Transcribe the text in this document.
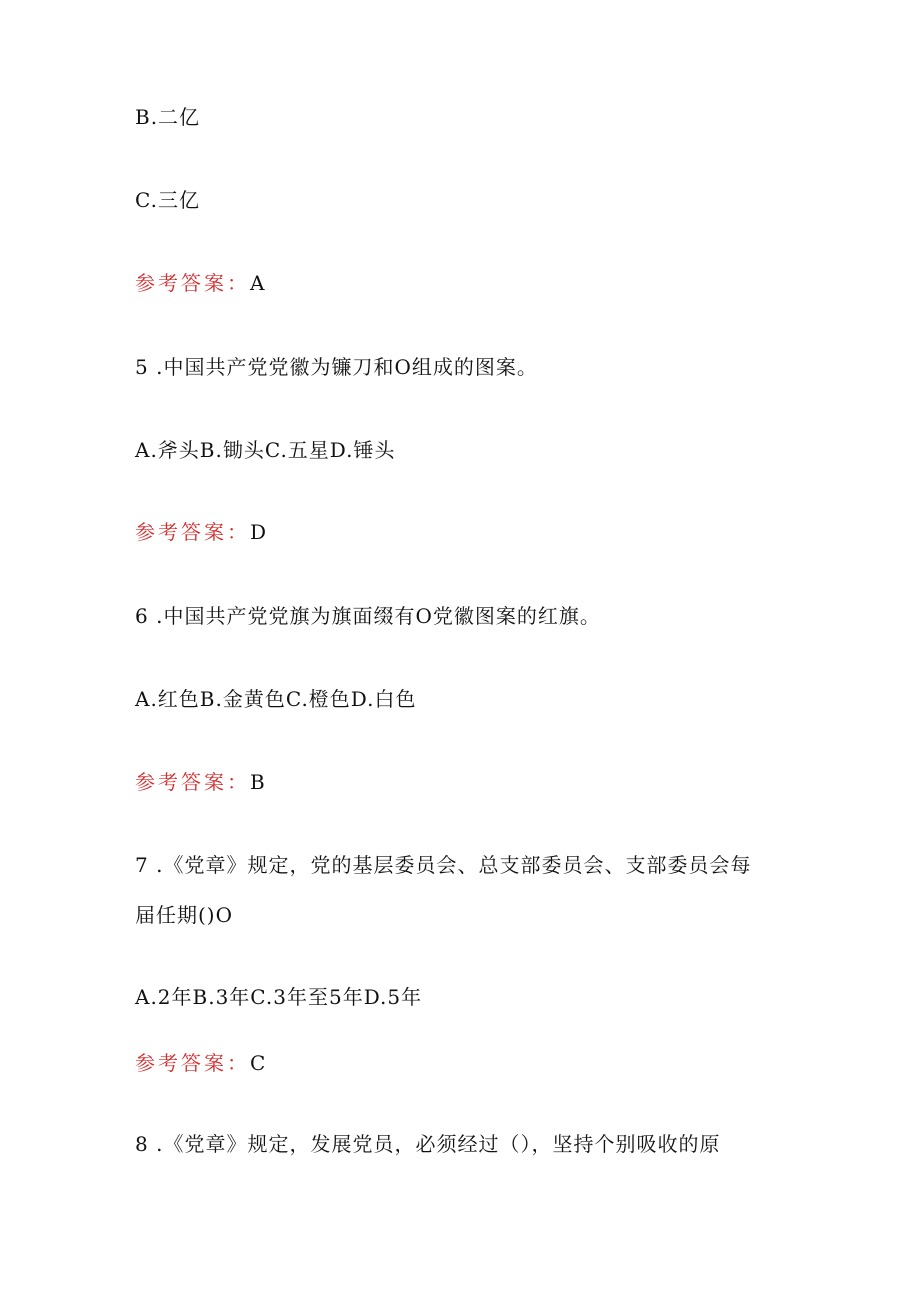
B.二亿
C.三亿
参考答案：A
5 .中国共产党党徽为镰刀和O组成的图案。
A.斧头B.锄头C.五星D.锤头
参考答案：D
6 .中国共产党党旗为旗面缀有O党徽图案的红旗。
A.红色B.金黄色C.橙色D.白色
参考答案：B
7 .《党章》规定，党的基层委员会、总支部委员会、支部委员会每
届任期()O
A.2年B.3年C.3年至5年D.5年
参考答案：C
8 .《党章》规定，发展党员，必须经过（），坚持个别吸收的原
